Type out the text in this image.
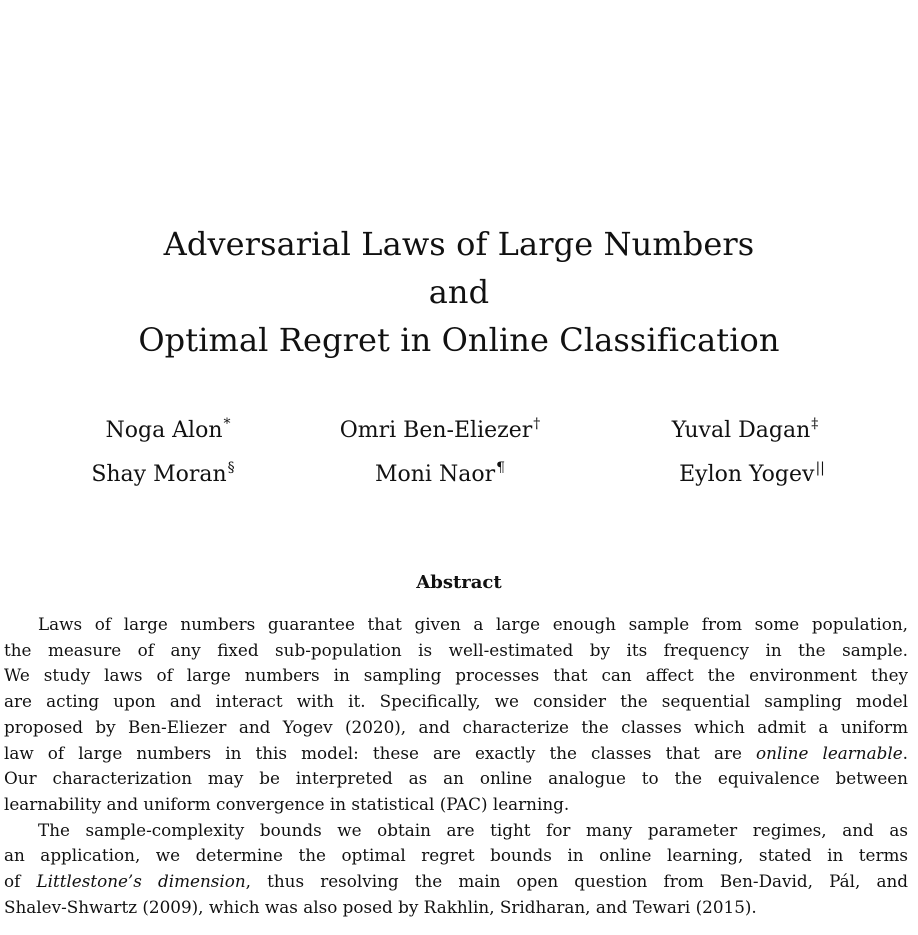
Adversarial Laws of Large Numbers
and
Optimal Regret in Online Classification
Noga Alon*	Omri Ben-Eliezer†	Yuval Dagan‡
Shay Moran§	Moni Naor¶	Eylon Yogev||
Abstract

Laws of large numbers guarantee that given a large enough sample from some population,
the measure of any fixed sub-population is well-estimated by its frequency in the sample.
We study laws of large numbers in sampling processes that can affect the environment they
are acting upon and interact with it. Specifically, we consider the sequential sampling model
proposed by Ben-Eliezer and Yogev (2020), and characterize the classes which admit a uniform
law of large numbers in this model: these are exactly the classes that are online learnable.
Our characterization may be interpreted as an online analogue to the equivalence between
learnability and uniform convergence in statistical (PAC) learning.

The sample-complexity bounds we obtain are tight for many parameter regimes, and as
an application, we determine the optimal regret bounds in online learning, stated in terms
of Littlestone’s dimension, thus resolving the main open question from Ben-David, Pál, and
Shalev-Shwartz (2009), which was also posed by Rakhlin, Sridharan, and Tewari (2015).
